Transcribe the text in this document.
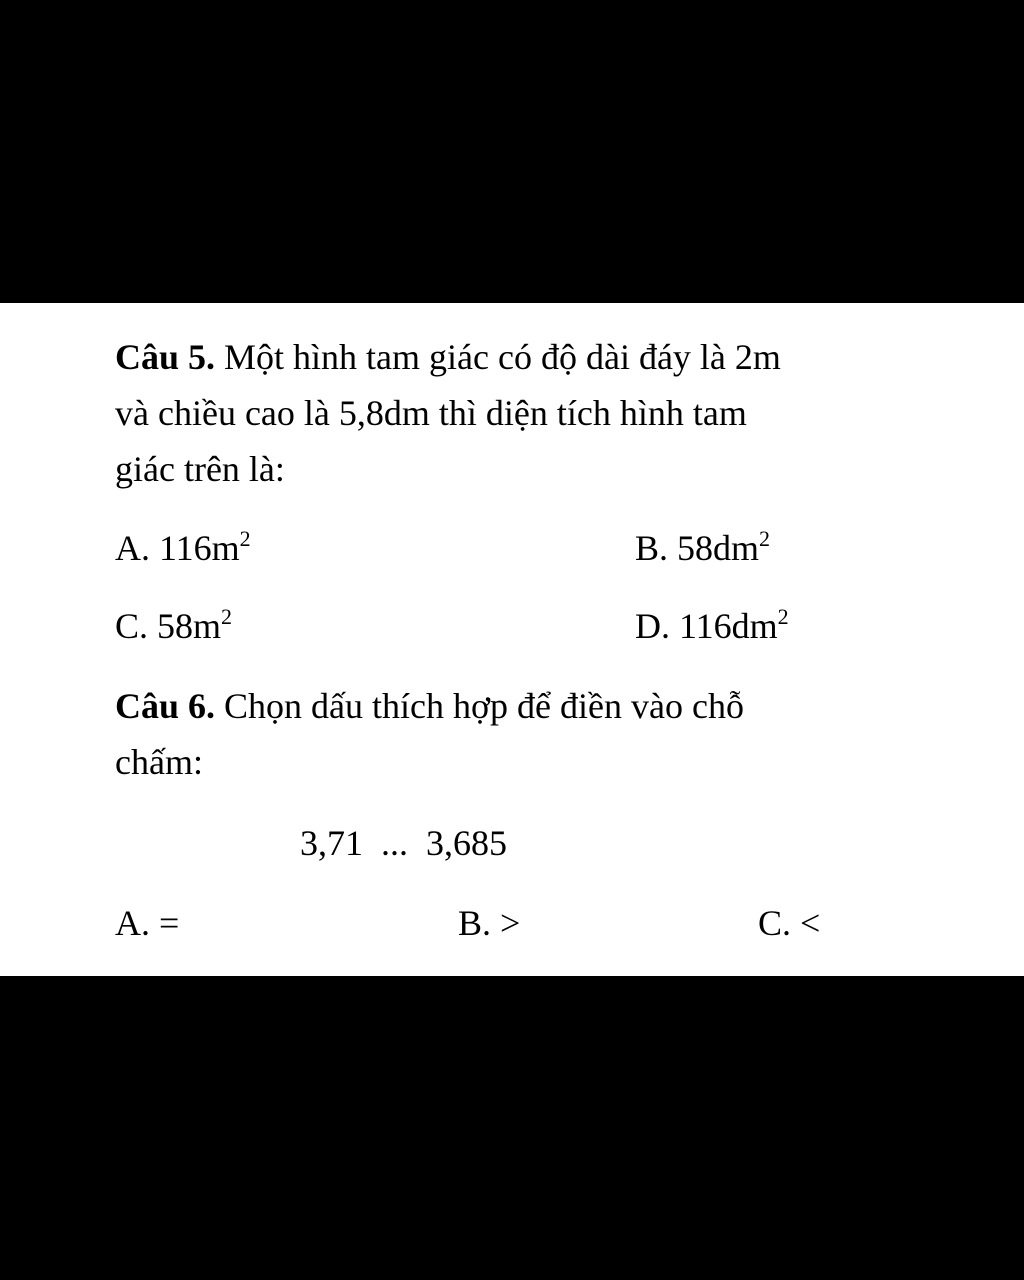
Câu 5. Một hình tam giác có độ dài đáy là 2m
và chiều cao là 5,8dm thì diện tích hình tam
giác trên là:
A. $116m^2$	B. $58dm^2$
C. $58m^2$	D. $116dm^2$
Câu 6. Chọn dấu thích hợp để điền vào chỗ
chấm:
3,71  ...  3,685
A. =	B. >	C. <
